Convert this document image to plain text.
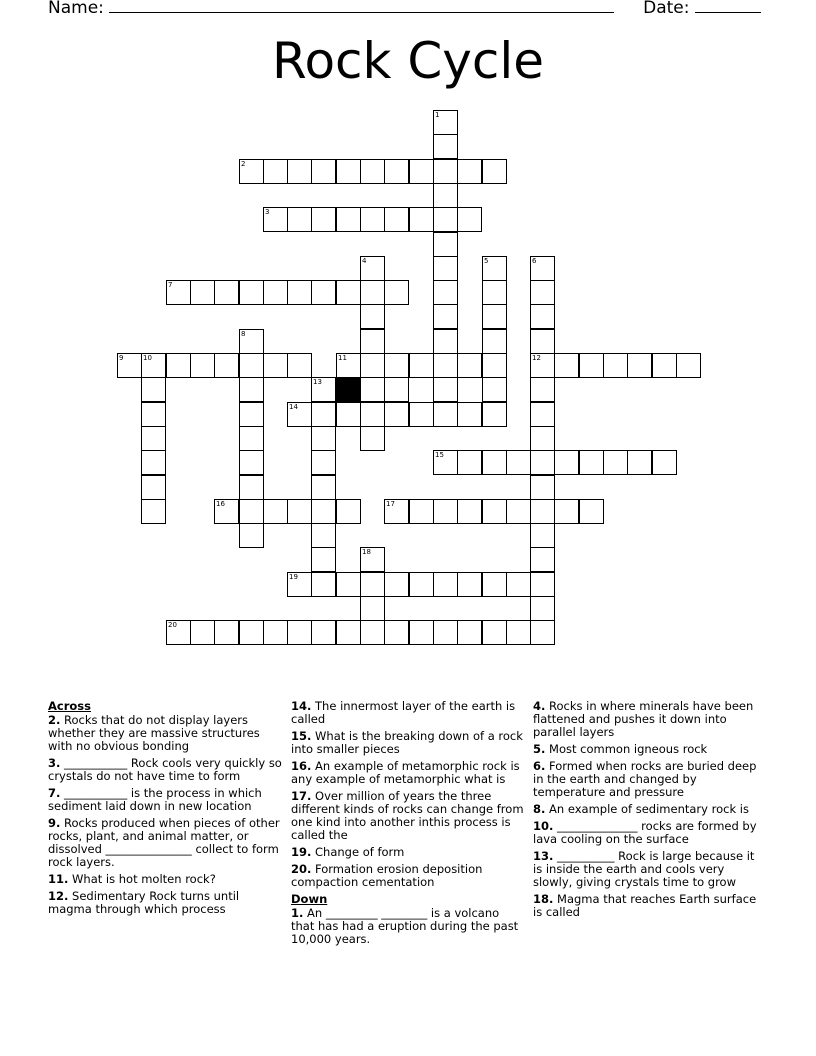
Name:	Date:
Rock Cycle
1
2
3
4	5	6
7
8
9	10	11	12
13
14
15
16	17
18
19
20
Across
2. Rocks that do not display layers whether they are massive structures with no obvious bonding
3. ___________ Rock cools very quickly so crystals do not have time to form
7. ___________ is the process in which sediment laid down in new location
9. Rocks produced when pieces of other rocks, plant, and animal matter, or dissolved _______________ collect to form rock layers.
11. What is hot molten rock?
12. Sedimentary Rock turns until magma through which process
14. The innermost layer of the earth is called
15. What is the breaking down of a rock into smaller pieces
16. An example of metamorphic rock is any example of metamorphic what is
17. Over million of years the three different kinds of rocks can change from one kind into another inthis process is called the
19. Change of form
20. Formation erosion deposition compaction cementation
Down
1. An _________ ________ is a volcano that has had a eruption during the past 10,000 years.
4. Rocks in where minerals have been flattened and pushes it down into parallel layers
5. Most common igneous rock
6. Formed when rocks are buried deep in the earth and changed by temperature and pressure
8. An example of sedimentary rock is
10. ______________ rocks are formed by lava cooling on the surface
13. __________ Rock is large because it is inside the earth and cools very slowly, giving crystals time to grow
18. Magma that reaches Earth surface is called
